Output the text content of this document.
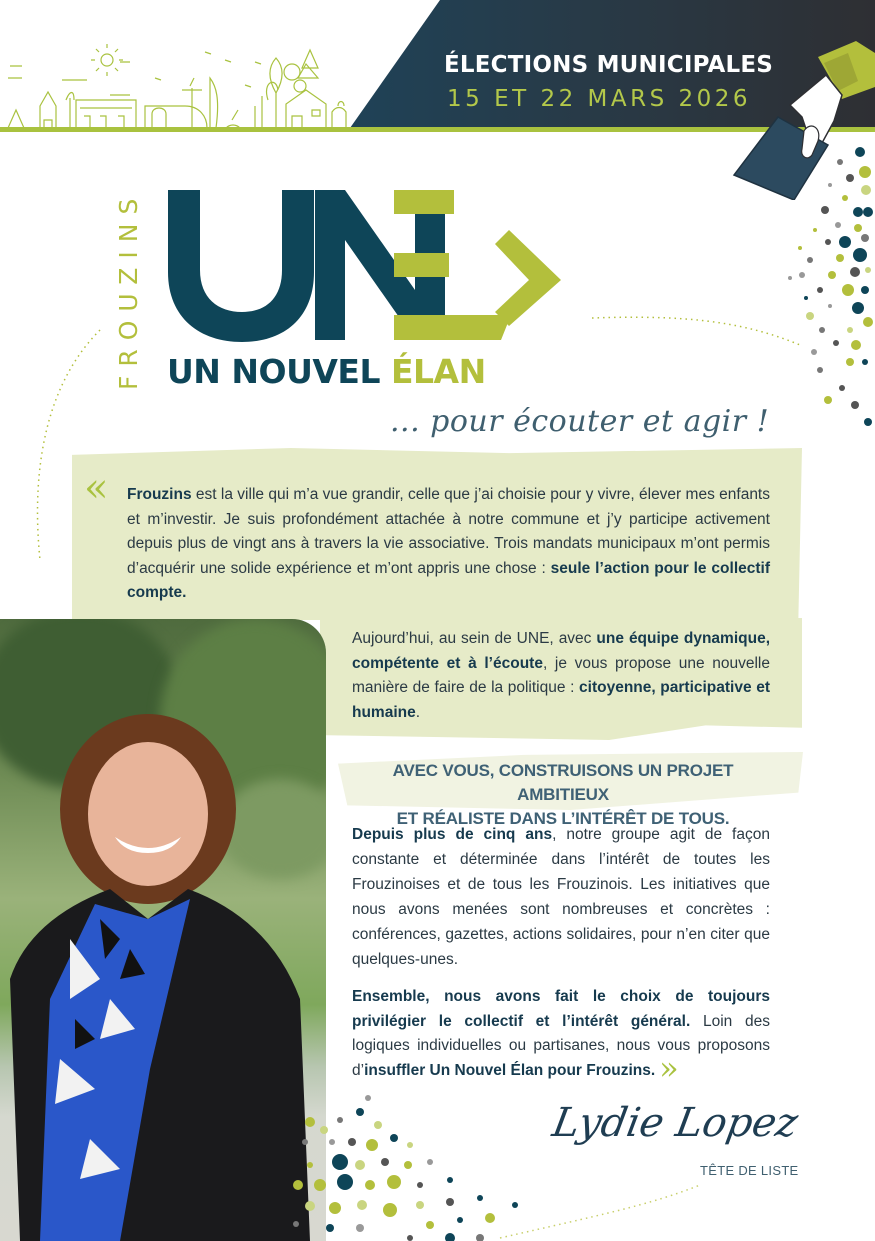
ÉLECTIONS MUNICIPALES
15 ET 22 MARS 2026
FROUZINS UN NOUVEL ÉLAN
... pour écouter et agir !
« Frouzins est la ville qui m’a vue grandir, celle que j’ai choisie pour y vivre, élever mes enfants et m’investir. Je suis profondément attachée à notre commune et j’y participe activement depuis plus de vingt ans à travers la vie associative. Trois mandats municipaux m’ont permis d’acquérir une solide expérience et m’ont appris une chose : seule l’action pour le collectif compte.

Aujourd’hui, au sein de UNE, avec une équipe dynamique, compétente et à l’écoute, je vous propose une nouvelle manière de faire de la politique : citoyenne, participative et humaine.

AVEC VOUS, CONSTRUISONS UN PROJET AMBITIEUX
ET RÉALISTE DANS L’INTÉRÊT DE TOUS.

Depuis plus de cinq ans, notre groupe agit de façon constante et déterminée dans l’intérêt de toutes les Frouzinoises et de tous les Frouzinois. Les initiatives que nous avons menées sont nombreuses et concrètes : conférences, gazettes, actions solidaires, pour n’en citer que quelques-unes.

Ensemble, nous avons fait le choix de toujours privilégier le collectif et l’intérêt général. Loin des logiques individuelles ou partisanes, nous vous proposons d’insuffler Un Nouvel Élan pour Frouzins. »

Lydie Lopez
TÊTE DE LISTE
